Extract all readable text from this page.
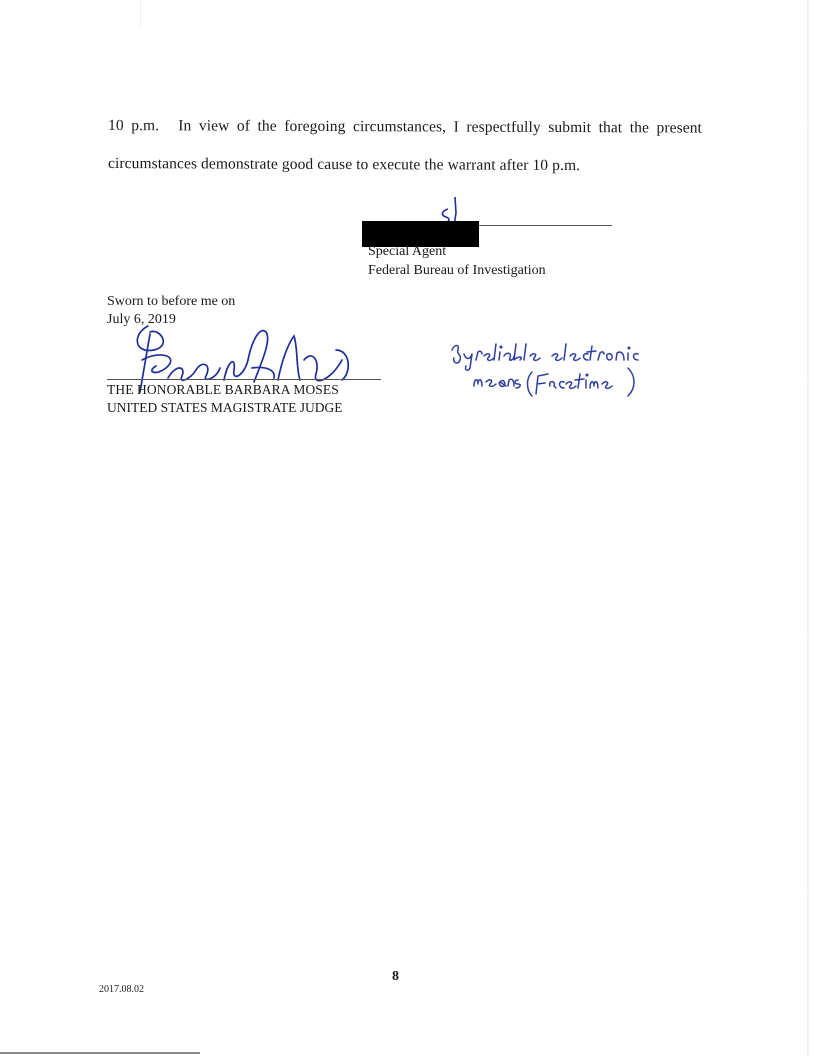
10 p.m. In view of the foregoing circumstances, I respectfully submit that the present
circumstances demonstrate good cause to execute the warrant after 10 p.m.
Special Agent
Federal Bureau of Investigation
Sworn to before me on
July 6, 2019
THE HONORABLE BARBARA MOSES
UNITED STATES MAGISTRATE JUDGE
8
2017.08.02
